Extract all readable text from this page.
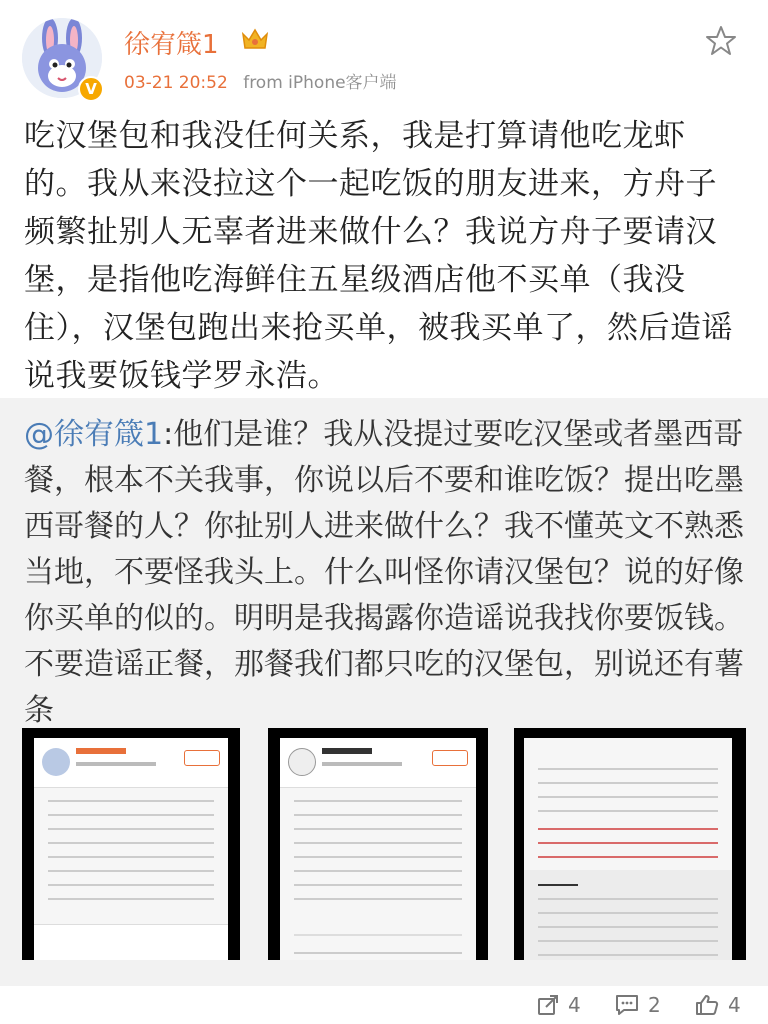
V
徐宥箴1
03-21 20:52 from iPhone客户端
吃汉堡包和我没任何关系，我是打算请他吃龙虾的。我从来没拉这个一起吃饭的朋友进来，方舟子频繁扯别人无辜者进来做什么？我说方舟子要请汉堡，是指他吃海鲜住五星级酒店他不买单（我没住），汉堡包跑出来抢买单，被我买单了，然后造谣说我要饭钱学罗永浩。
@徐宥箴1:他们是谁？我从没提过要吃汉堡或者墨西哥餐，根本不关我事，你说以后不要和谁吃饭？提出吃墨西哥餐的人？你扯别人进来做什么？我不懂英文不熟悉当地，不要怪我头上。什么叫怪你请汉堡包？说的好像你买单的似的。明明是我揭露你造谣说我找你要饭钱。不要造谣正餐，那餐我们都只吃的汉堡包，别说还有薯条
4	2	4
